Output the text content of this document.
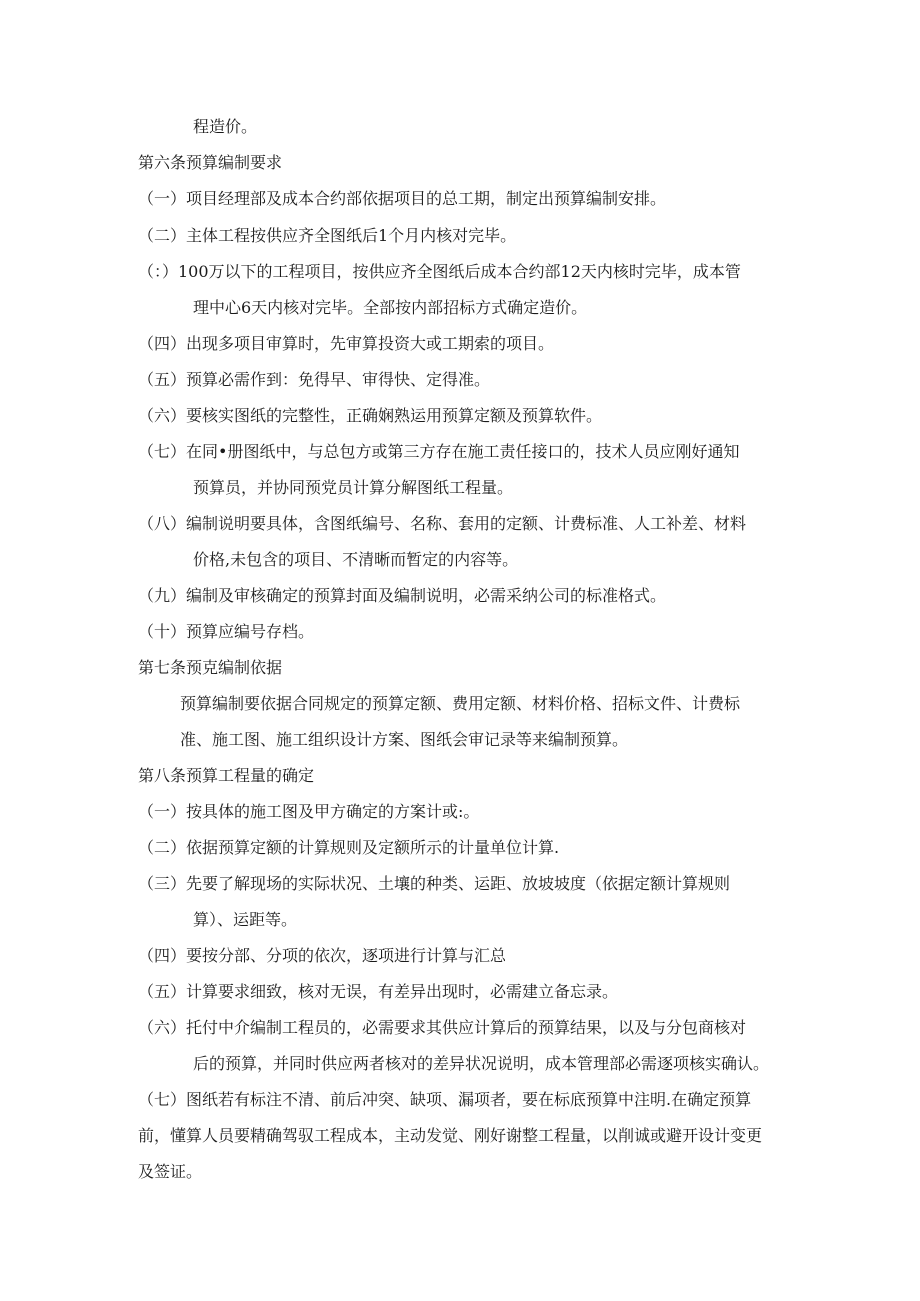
程造价。
第六条预算编制要求
（一）项目经理部及成本合约部依据项目的总工期，制定出预算编制安排。
（二）主体工程按供应齐全图纸后1个月内核对完毕。
（：）100万以下的工程项目，按供应齐全图纸后成本合约部12天内核时完毕，成本管
理中心6天内核对完毕。全部按内部招标方式确定造价。
（四）出现多项目审算时，先审算投资大或工期索的项目。
（五）预算必需作到：免得早、审得快、定得准。
（六）要核实图纸的完整性，正确娴熟运用预算定额及预算软件。
（七）在同•册图纸中，与总包方或第三方存在施工责任接口的，技术人员应刚好通知
预算员，并协同预党员计算分解图纸工程量。
（八）编制说明要具体，含图纸编号、名称、套用的定额、计费标准、人工补差、材料
价格,未包含的项目、不清晰而暂定的内容等。
（九）编制及审核确定的预算封面及编制说明，必需采纳公司的标准格式。
（十）预算应编号存档。
第七条预克编制依据
预算编制要依据合同规定的预算定额、费用定额、材料价格、招标文件、计费标
准、施工图、施工组织设计方案、图纸会审记录等来编制预算。
第八条预算工程量的确定
（一）按具体的施工图及甲方确定的方案计或:。
（二）依据预算定额的计算规则及定额所示的计量单位计算.
（三）先要了解现场的实际状况、土壤的种类、运距、放坡坡度（依据定额计算规则
算）、运距等。
（四）要按分部、分项的依次，逐项进行计算与汇总
（五）计算要求细致，核对无误，有差异出现时，必需建立备忘录。
（六）托付中介编制工程员的，必需要求其供应计算后的预算结果，以及与分包商核对
后的预算，并同时供应两者核对的差异状况说明，成本管理部必需逐项核实确认。
（七）图纸若有标注不清、前后冲突、缺项、漏项者，要在标底预算中注明.在确定预算
前，懂算人员要精确驾驭工程成本，主动发觉、刚好谢整工程量，以削诚或避开设计变更
及签证。
